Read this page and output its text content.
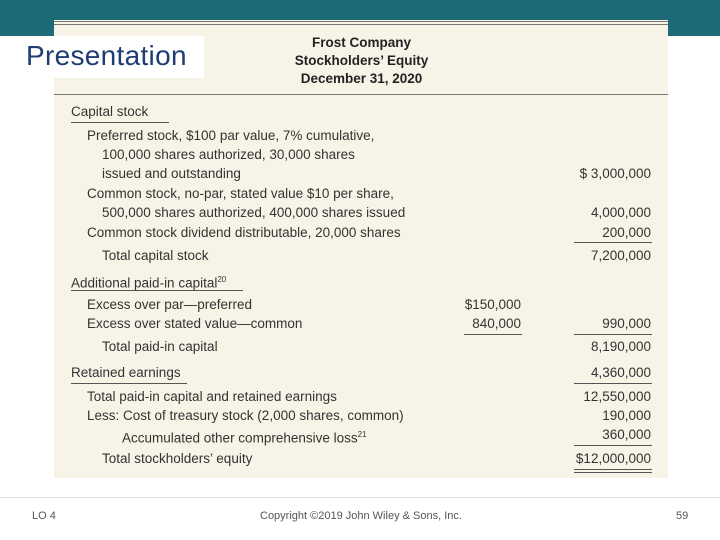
Frost Company
Stockholders’ Equity
December 31, 2020
Capital stock
Preferred stock, $100 par value, 7% cumulative,
100,000 shares authorized, 30,000 shares
issued and outstanding	$ 3,000,000
Common stock, no-par, stated value $10 per share,
500,000 shares authorized, 400,000 shares issued	4,000,000
Common stock dividend distributable, 20,000 shares	200,000
Total capital stock	7,200,000
Additional paid-in capital$^{20}$
Excess over par—preferred	$150,000
Excess over stated value—common	840,000	990,000
Total paid-in capital	8,190,000
Retained earnings	4,360,000
Total paid-in capital and retained earnings	12,550,000
Less: Cost of treasury stock (2,000 shares, common)	190,000
Accumulated other comprehensive loss$^{21}$	360,000
Total stockholders’ equity	$12,000,000
Presentation
LO 4	Copyright ©2019 John Wiley & Sons, Inc.	59
